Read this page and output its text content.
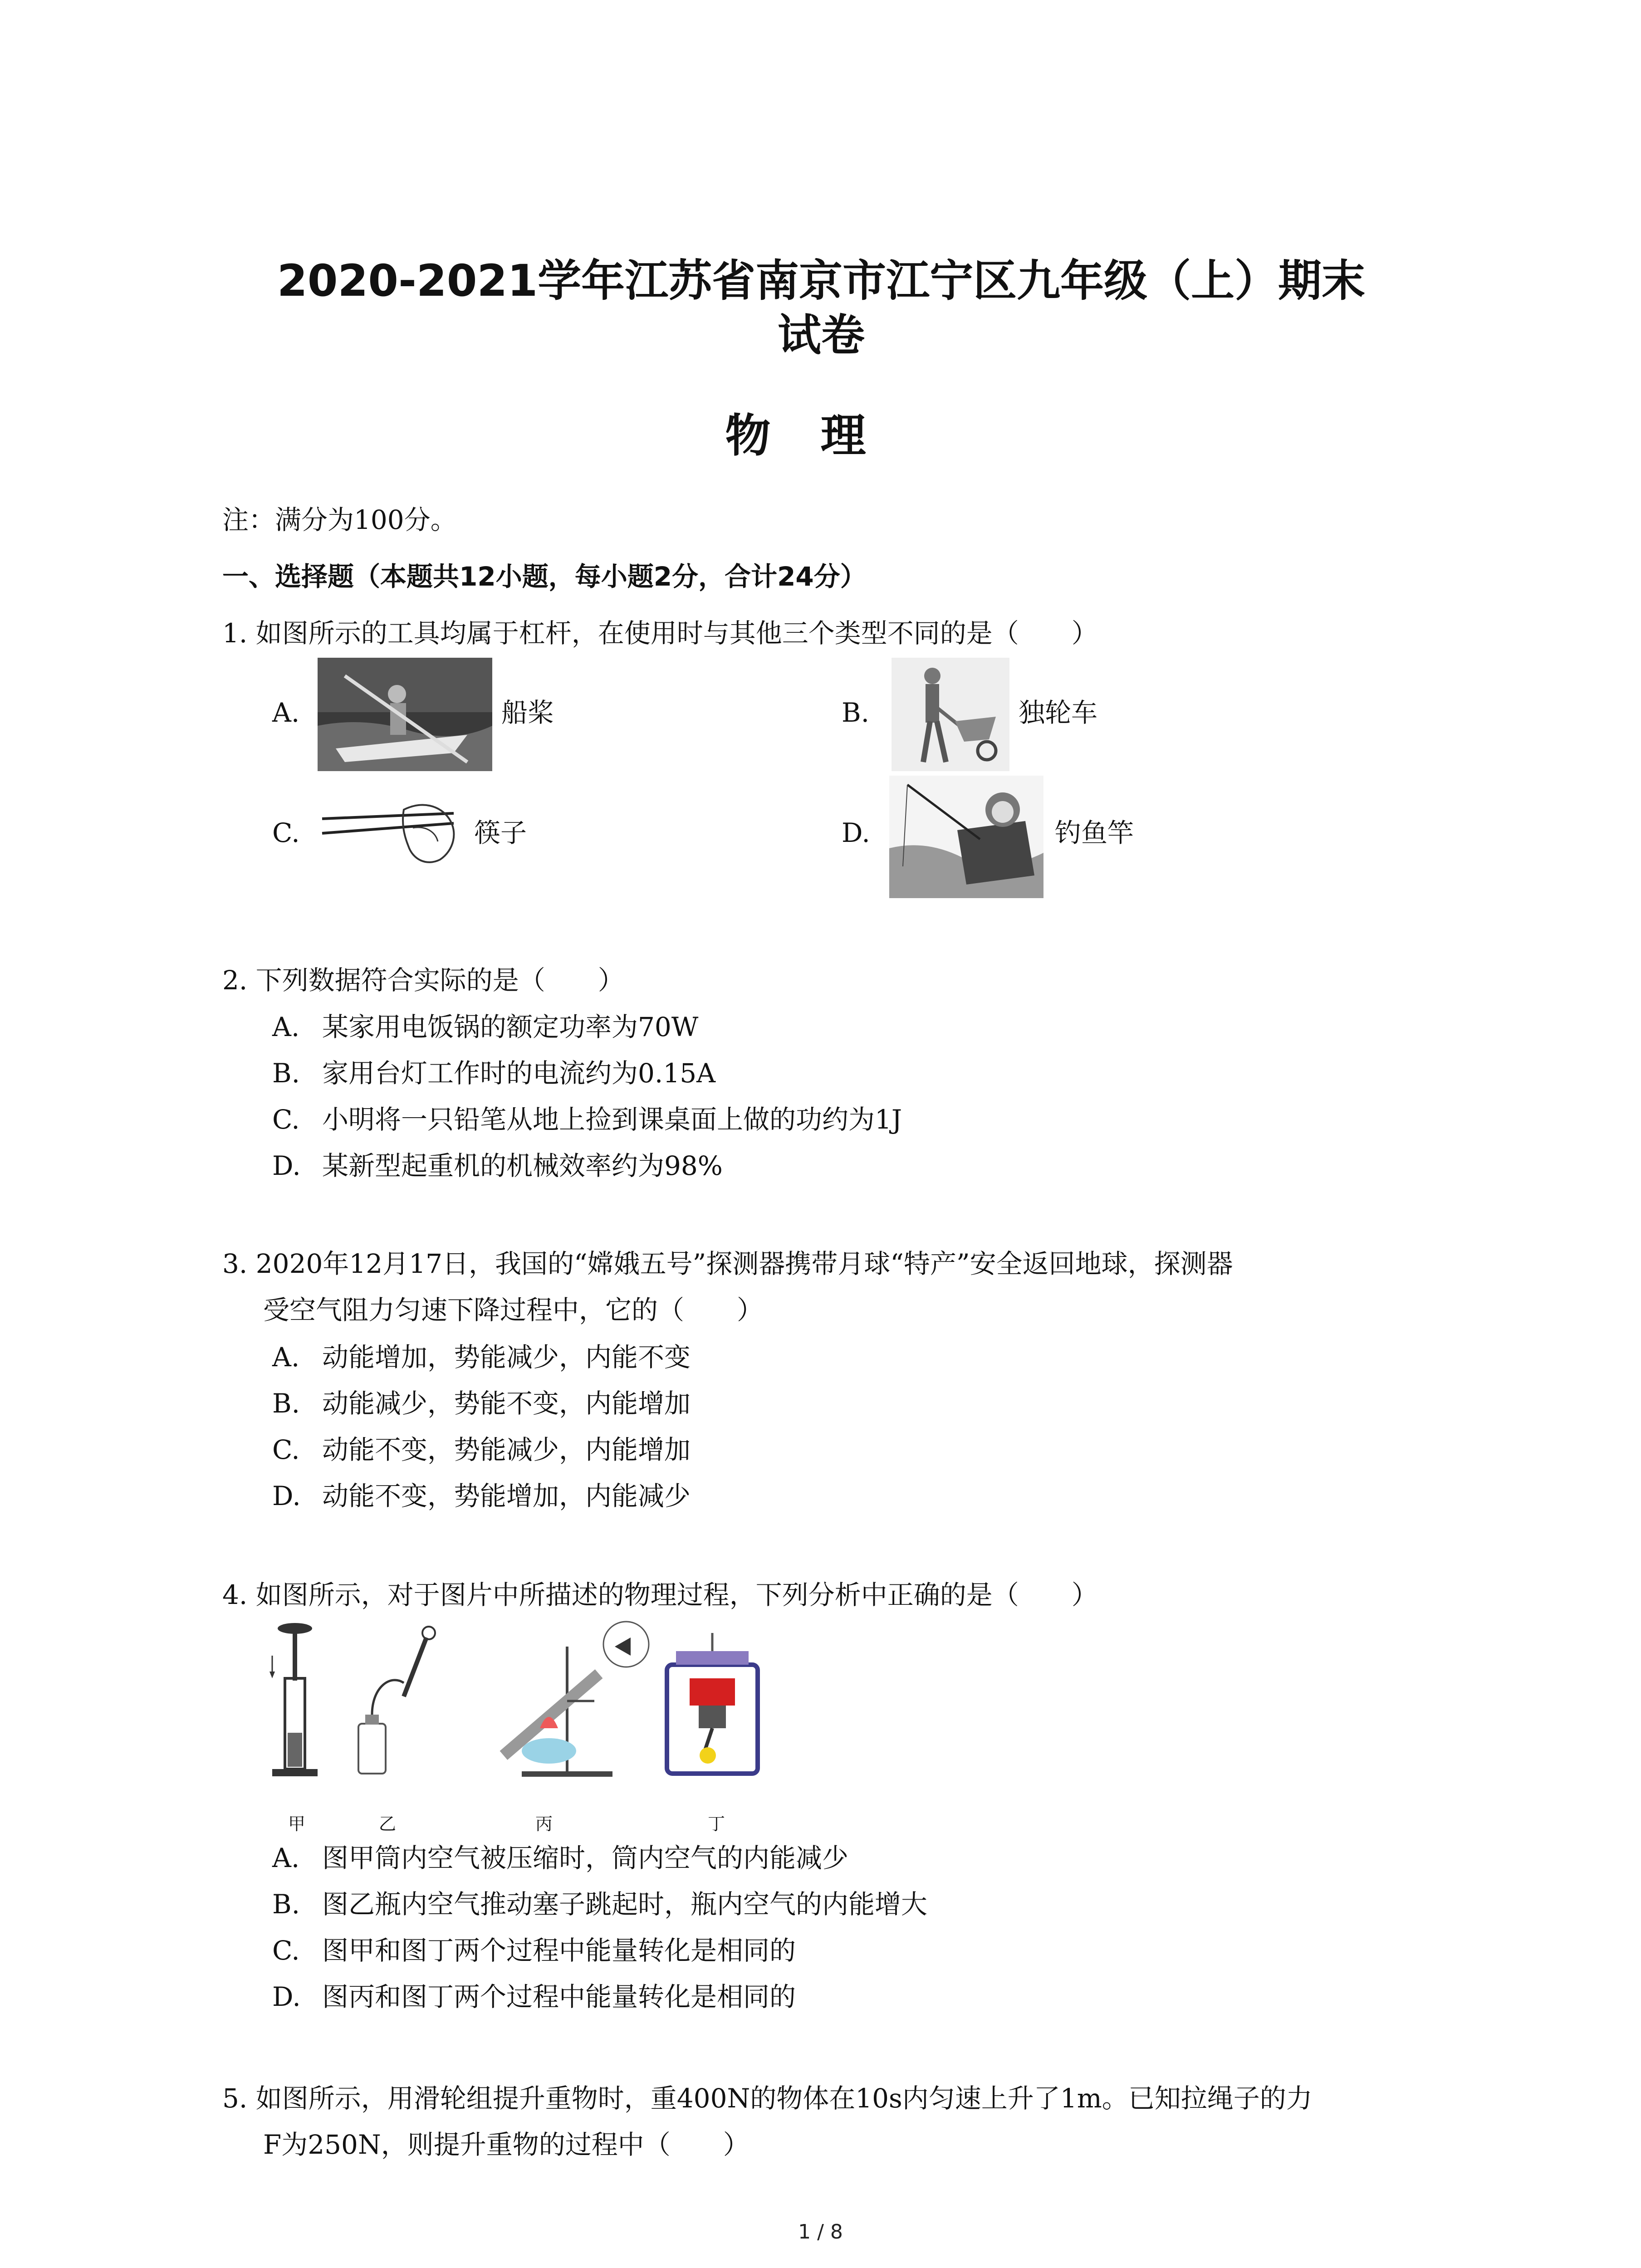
2020-2021学年江苏省南京市江宁区九年级（上）期末
试卷
物理
注：满分为100分。
一、选择题（本题共12小题，每小题2分，合计24分）
1. 如图所示的工具均属于杠杆，在使用时与其他三个类型不同的是（　　）
A.	船桨	B.	独轮车
C.	筷子	D.	钓鱼竿
2. 下列数据符合实际的是（　　）
A. 某家用电饭锅的额定功率为70W
B. 家用台灯工作时的电流约为0.15A
C. 小明将一只铅笔从地上捡到课桌面上做的功约为1J
D. 某新型起重机的机械效率约为98%
3. 2020年12月17日，我国的“嫦娥五号”探测器携带月球“特产”安全返回地球，探测器
受空气阻力匀速下降过程中，它的（　　）
A. 动能增加，势能减少，内能不变
B. 动能减少，势能不变，内能增加
C. 动能不变，势能减少，内能增加
D. 动能不变，势能增加，内能减少
4. 如图所示，对于图片中所描述的物理过程，下列分析中正确的是（　　）
甲	乙	丙	丁
A. 图甲筒内空气被压缩时，筒内空气的内能减少
B. 图乙瓶内空气推动塞子跳起时，瓶内空气的内能增大
C. 图甲和图丁两个过程中能量转化是相同的
D. 图丙和图丁两个过程中能量转化是相同的
5. 如图所示，用滑轮组提升重物时，重400N的物体在10s内匀速上升了1m。已知拉绳子的力
F为250N，则提升重物的过程中（　　）
1 / 8
